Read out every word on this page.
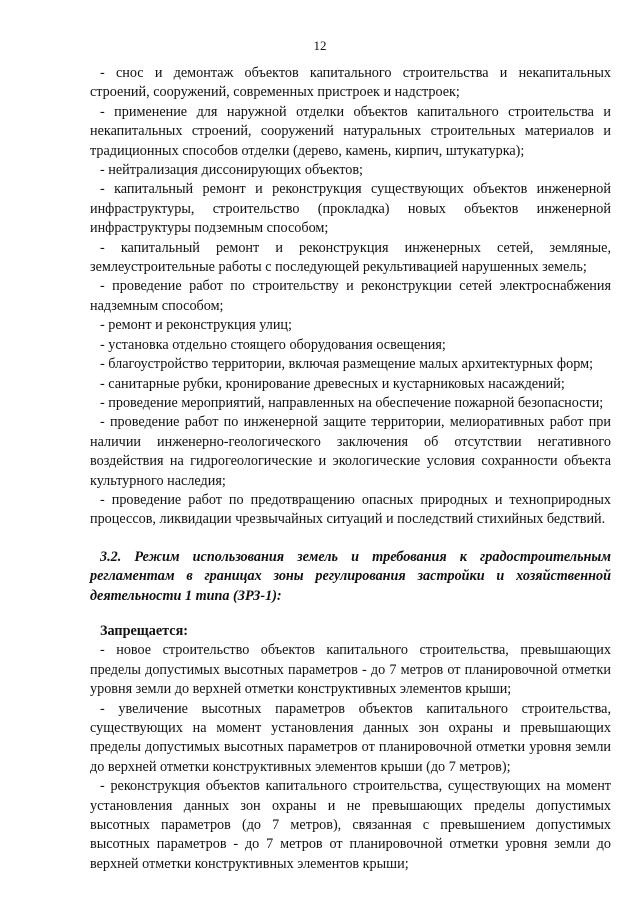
12

- снос и демонтаж объектов капитального строительства и некапитальных строений, сооружений, современных пристроек и надстроек;

- применение для наружной отделки объектов капитального строительства и некапитальных строений, сооружений натуральных строительных материалов и традиционных способов отделки (дерево, камень, кирпич, штукатурка);

- нейтрализация диссонирующих объектов;

- капитальный ремонт и реконструкция существующих объектов инженерной инфраструктуры, строительство (прокладка) новых объектов инженерной инфраструктуры подземным способом;

- капитальный ремонт и реконструкция инженерных сетей, земляные, землеустроительные работы с последующей рекультивацией нарушенных земель;

- проведение работ по строительству и реконструкции сетей электроснабжения надземным способом;

- ремонт и реконструкция улиц;

- установка отдельно стоящего оборудования освещения;

- благоустройство территории, включая размещение малых архитектурных форм;

- санитарные рубки, кронирование древесных и кустарниковых насаждений;

- проведение мероприятий, направленных на обеспечение пожарной безопасности;

- проведение работ по инженерной защите территории, мелиоративных работ при наличии инженерно-геологического заключения об отсутствии негативного воздействия на гидрогеологические и экологические условия сохранности объекта культурного наследия;

- проведение работ по предотвращению опасных природных и техноприродных процессов, ликвидации чрезвычайных ситуаций и последствий стихийных бедствий.

3.2. Режим использования земель и требования к градостроительным регламентам в границах зоны регулирования застройки и хозяйственной деятельности 1 типа (ЗРЗ-1):

Запрещается:

- новое строительство объектов капитального строительства, превышающих пределы допустимых высотных параметров - до 7 метров от планировочной отметки уровня земли до верхней отметки конструктивных элементов крыши;

- увеличение высотных параметров объектов капитального строительства, существующих на момент установления данных зон охраны и превышающих пределы допустимых высотных параметров от планировочной отметки уровня земли до верхней отметки конструктивных элементов крыши (до 7 метров);

- реконструкция объектов капитального строительства, существующих на момент установления данных зон охраны и не превышающих пределы допустимых высотных параметров (до 7 метров), связанная с превышением допустимых высотных параметров - до 7 метров от планировочной отметки уровня земли до верхней отметки конструктивных элементов крыши;
